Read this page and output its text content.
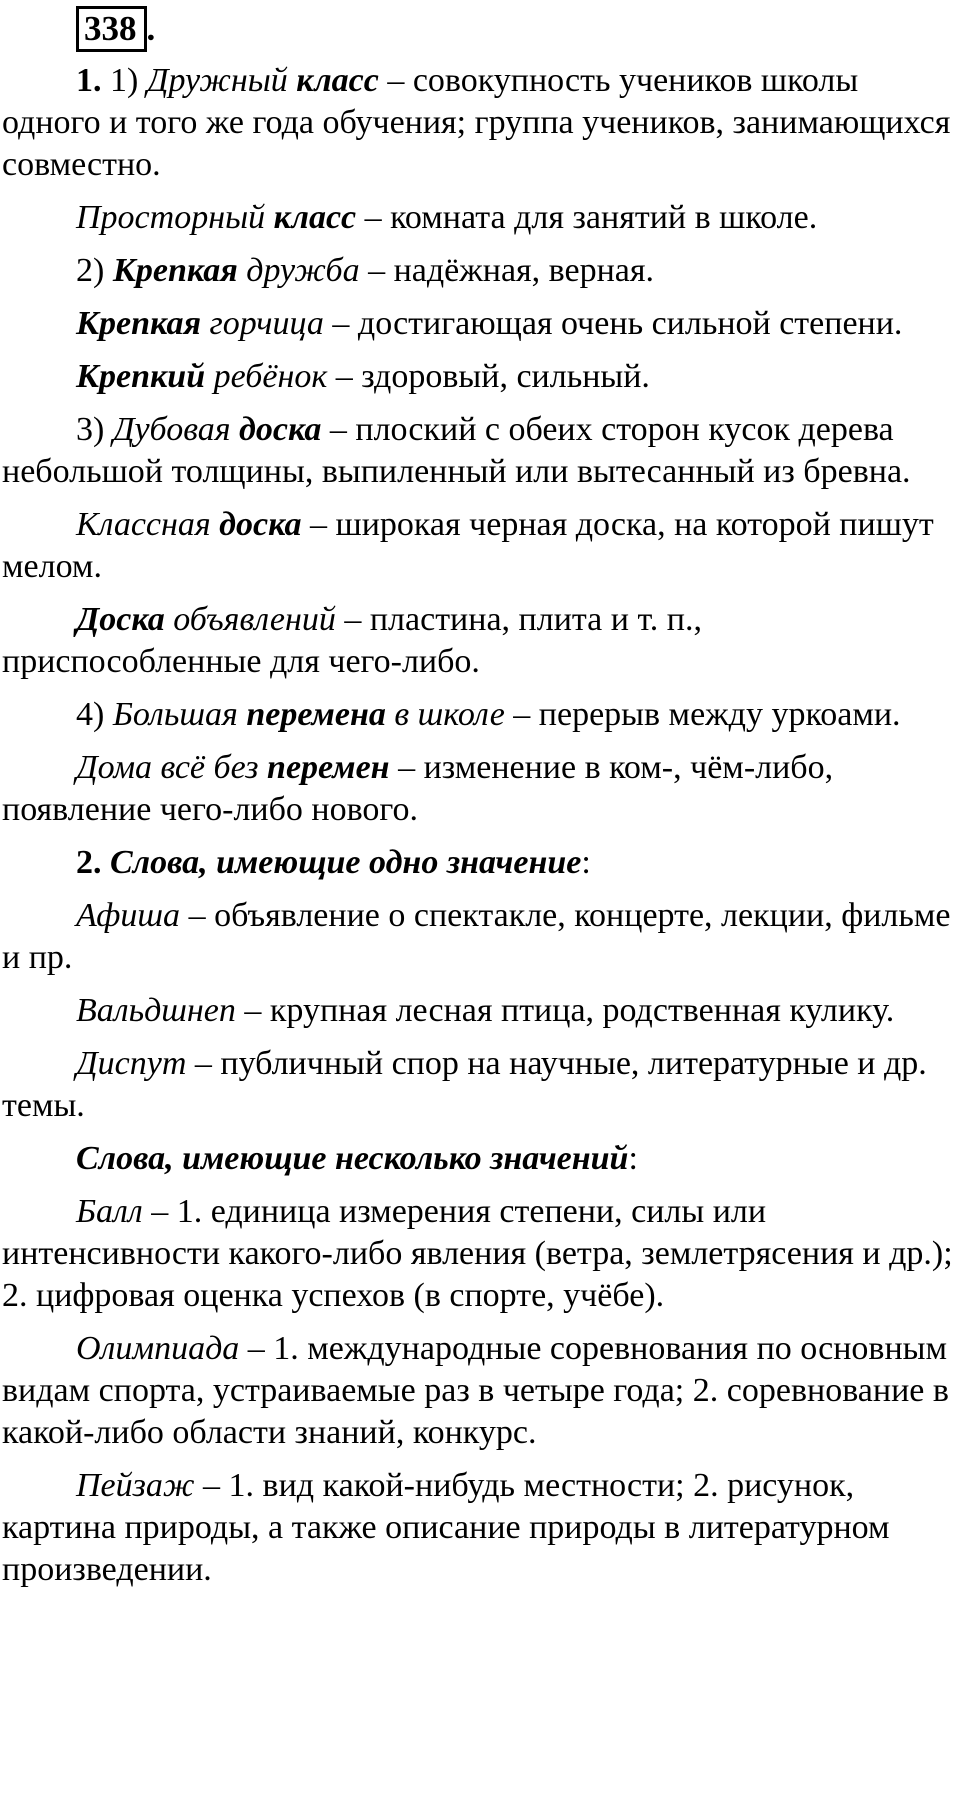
338 .

1. 1) Дружный класс – совокупность учеников школы одного и того же года обучения; группа учеников, занимающихся совместно.

Просторный класс – комната для занятий в школе.

2) Крепкая дружба – надёжная, верная.

Крепкая горчица – достигающая очень сильной степени.

Крепкий ребёнок – здоровый, сильный.

3) Дубовая доска – плоский с обеих сторон кусок дерева небольшой толщины, выпиленный или вытесанный из бревна.

Классная доска – широкая черная доска, на которой пишут мелом.

Доска объявлений – пластина, плита и т. п., приспособленные для чего-либо.

4) Большая перемена в школе – перерыв между уркоами.

Дома всё без перемен – изменение в ком-, чём-либо, появление чего-либо нового.

2. Слова, имеющие одно значение:

Афиша – объявление о спектакле, концерте, лекции, фильме и пр.

Вальдшнеп – крупная лесная птица, родственная кулику.

Диспут – публичный спор на научные, литературные и др. темы.

Слова, имеющие несколько значений:

Балл – 1. единица измерения степени, силы или интенсивности какого-либо явления (ветра, землетрясения и др.); 2. цифровая оценка успехов (в спорте, учёбе).

Олимпиада – 1. международные соревнования по основным видам спорта, устраиваемые раз в четыре года; 2. соревнование в какой-либо области знаний, конкурс.

Пейзаж – 1. вид какой-нибудь местности; 2. рисунок, картина природы, а также описание природы в литературном произведении.
